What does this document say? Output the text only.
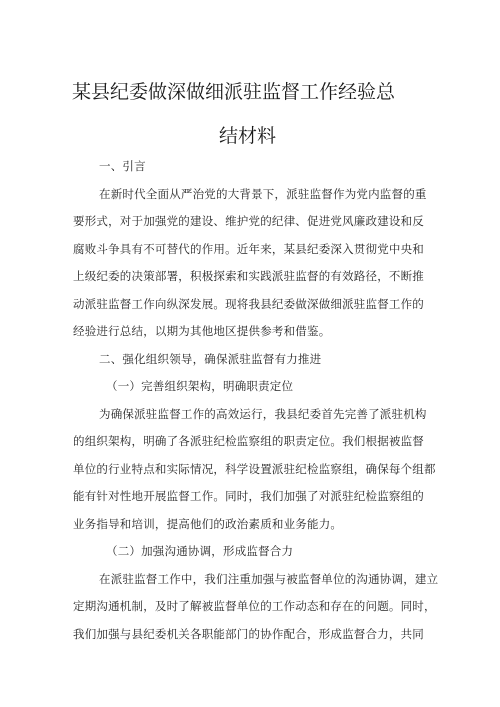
某县纪委做深做细派驻监督工作经验总
结材料
一、引言
在新时代全面从严治党的大背景下，派驻监督作为党内监督的重
要形式，对于加强党的建设、维护党的纪律、促进党风廉政建设和反
腐败斗争具有不可替代的作用。近年来，某县纪委深入贯彻党中央和
上级纪委的决策部署，积极探索和实践派驻监督的有效路径，不断推
动派驻监督工作向纵深发展。现将我县纪委做深做细派驻监督工作的
经验进行总结，以期为其他地区提供参考和借鉴。
二、强化组织领导，确保派驻监督有力推进
（一）完善组织架构，明确职责定位
为确保派驻监督工作的高效运行，我县纪委首先完善了派驻机构
的组织架构，明确了各派驻纪检监察组的职责定位。我们根据被监督
单位的行业特点和实际情况，科学设置派驻纪检监察组，确保每个组都
能有针对性地开展监督工作。同时，我们加强了对派驻纪检监察组的
业务指导和培训，提高他们的政治素质和业务能力。
（二）加强沟通协调，形成监督合力
在派驻监督工作中，我们注重加强与被监督单位的沟通协调，建立
定期沟通机制，及时了解被监督单位的工作动态和存在的问题。同时，
我们加强与县纪委机关各职能部门的协作配合，形成监督合力，共同
